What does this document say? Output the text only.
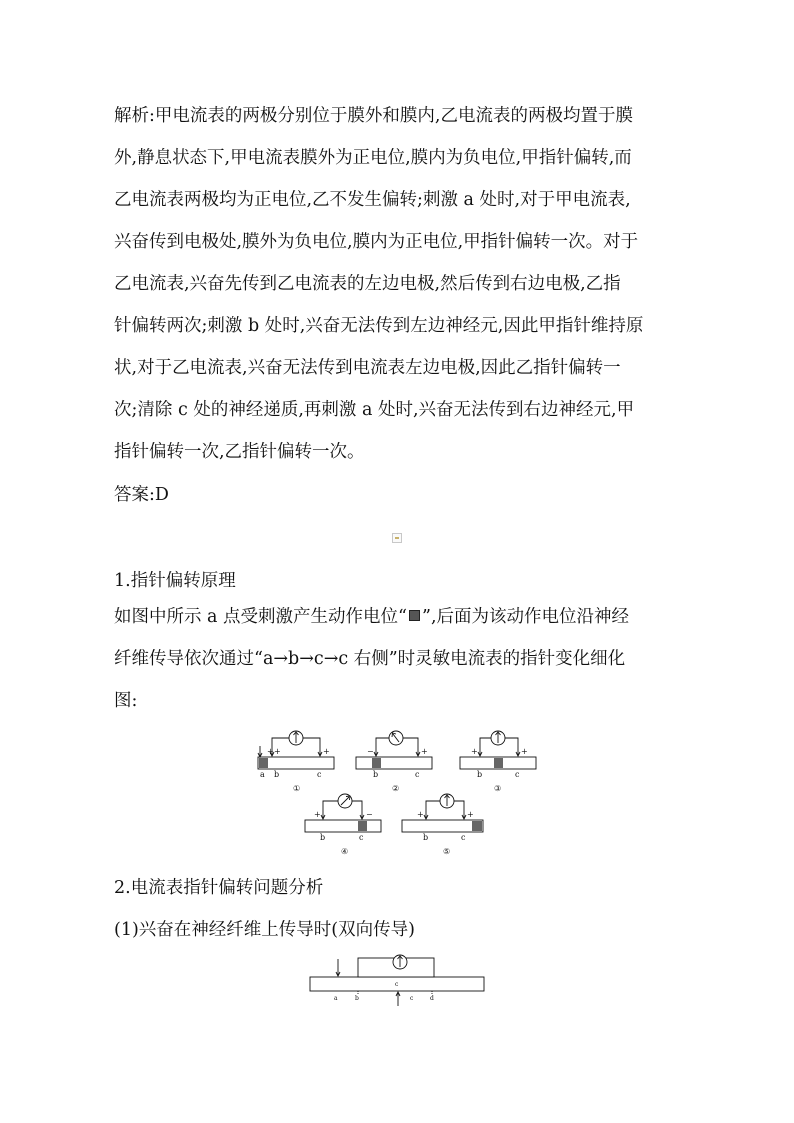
解析:甲电流表的两极分别位于膜外和膜内,乙电流表的两极均置于膜
外,静息状态下,甲电流表膜外为正电位,膜内为负电位,甲指针偏转,而
乙电流表两极均为正电位,乙不发生偏转;刺激 a 处时,对于甲电流表,
兴奋传到电极处,膜外为负电位,膜内为正电位,甲指针偏转一次。对于
乙电流表,兴奋先传到乙电流表的左边电极,然后传到右边电极,乙指
针偏转两次;刺激 b 处时,兴奋无法传到左边神经元,因此甲指针维持原
状,对于乙电流表,兴奋无法传到电流表左边电极,因此乙指针偏转一
次;清除 c 处的神经递质,再刺激 a 处时,兴奋无法传到右边神经元,甲
指针偏转一次,乙指针偏转一次。
答案:D
1.指针偏转原理
如图中所示 a 点受刺激产生动作电位“ ”,后面为该动作电位沿神经
纤维传导依次通过“a→b→c→c 右侧”时灵敏电流表的指针变化细化
图:
a b	c
+ +	+
①
b	c
−	+
②
b	c
+	+
③
b	c
+	−
④
b	c
+	+
⑤
2.电流表指针偏转问题分析
(1)兴奋在神经纤维上传导时(双向传导)
a	b
c
c	d
